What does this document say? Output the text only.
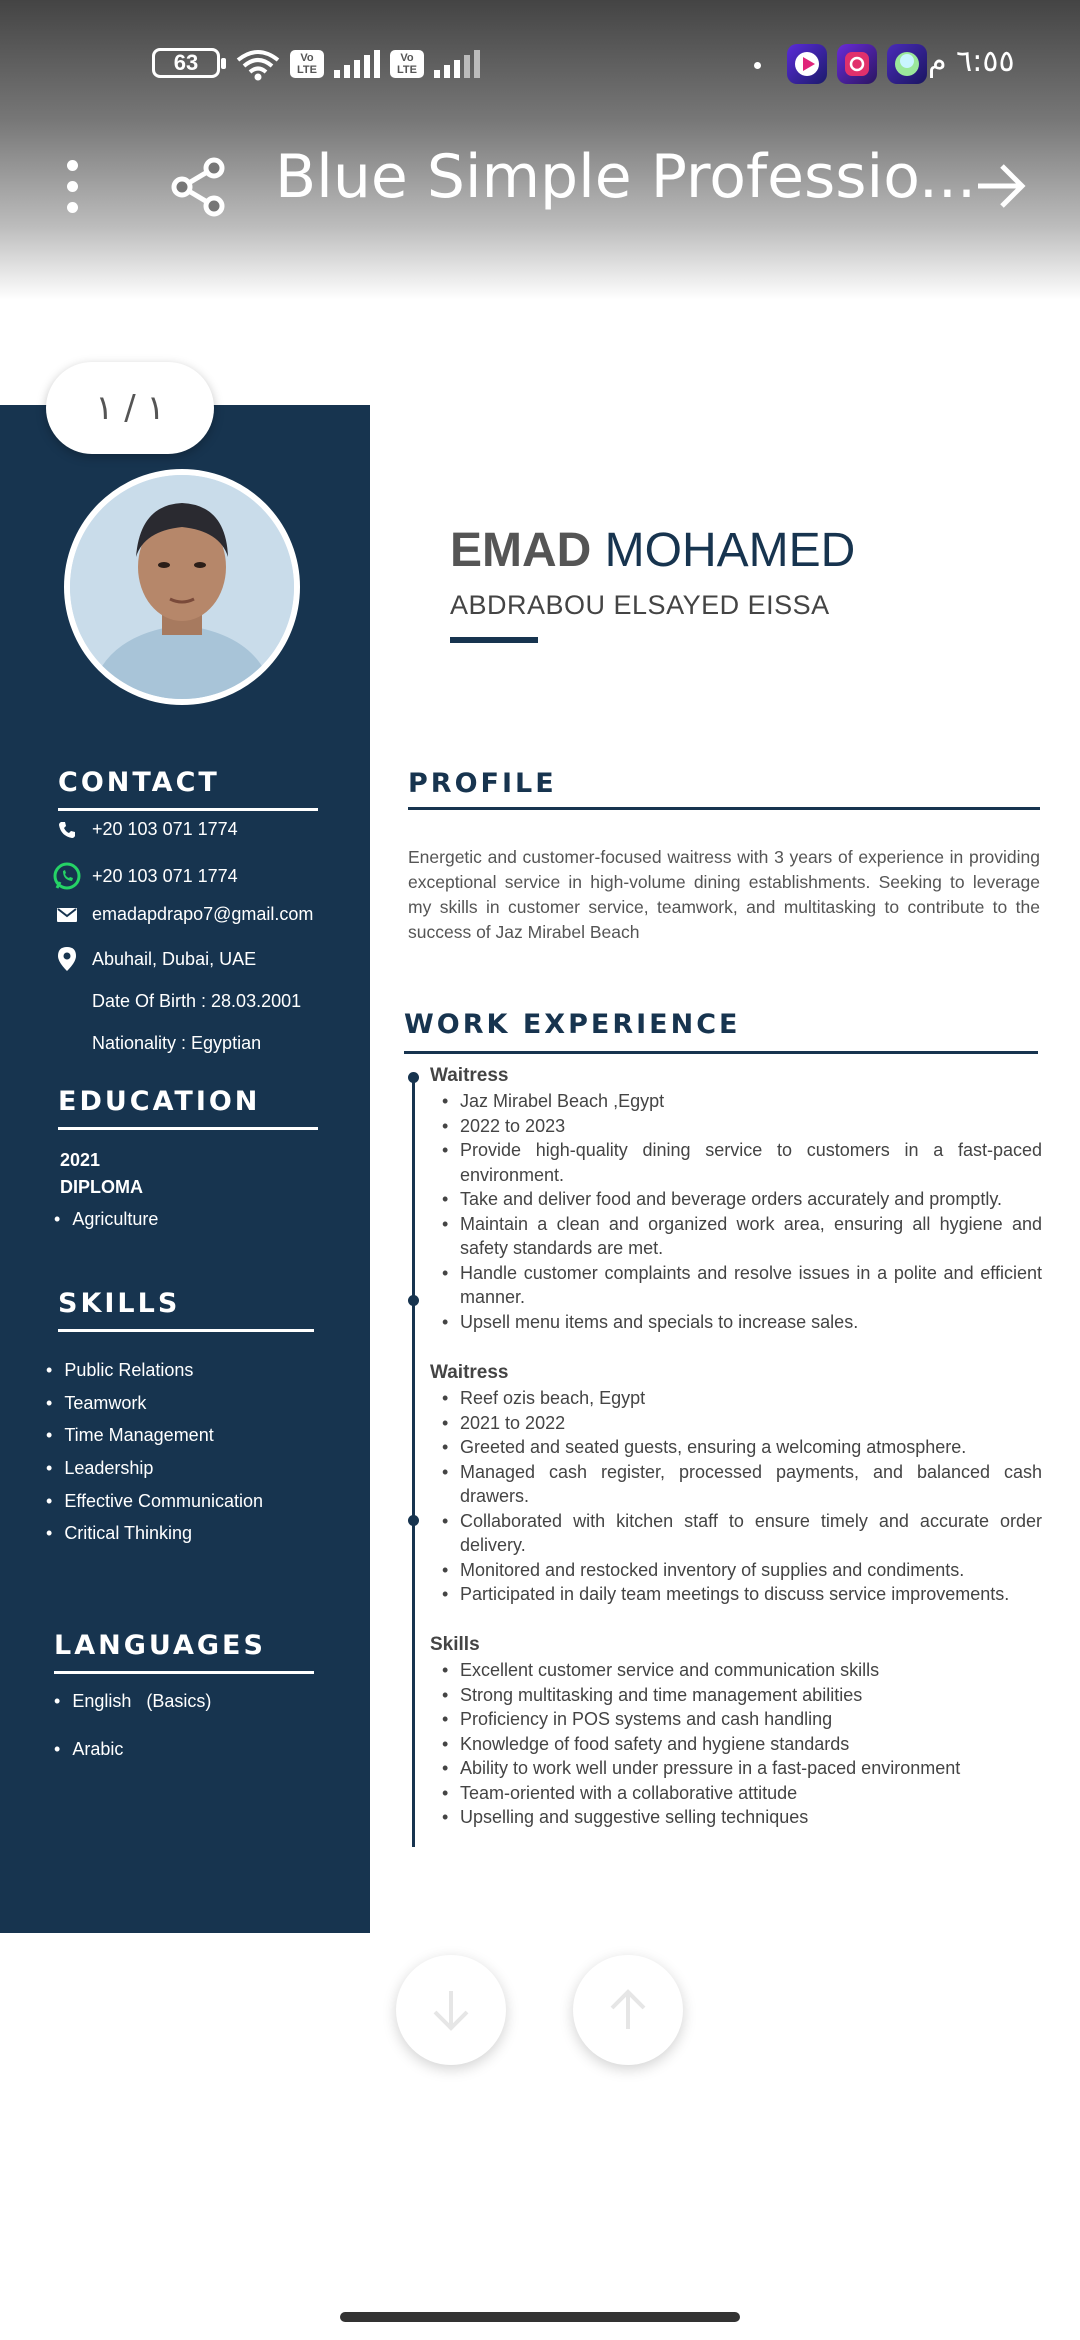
63	Vo
LTE
Vo
LTE	٦:٥٥ م
Blue Simple Professio...
CONTACT
+20 103 071 1774
+20 103 071 1774
emadapdrapo7@gmail.com
Abuhail, Dubai, UAE
Date Of Birth : 28.03.2001
Nationality : Egyptian
EDUCATION
2021
DIPLOMA
• Agriculture
SKILLS
• Public Relations
• Teamwork
• Time Management
• Leadership
• Effective Communication
• Critical Thinking
LANGUAGES
• English   (Basics)
• Arabic
EMAD MOHAMED
ABDRABOU ELSAYED EISSA
PROFILE
Energetic and customer-focused waitress with 3 years of experience in providing exceptional service in high-volume dining establishments. Seeking to leverage my skills in customer service, teamwork, and multitasking to contribute to the success of Jaz Mirabel Beach
WORK EXPERIENCE
Waitress
• Jaz Mirabel Beach ,Egypt
• 2022 to 2023
• Provide high-quality dining service to customers in a fast-paced environment.
• Take and deliver food and beverage orders accurately and promptly.
• Maintain a clean and organized work area, ensuring all hygiene and safety standards are met.
• Handle customer complaints and resolve issues in a polite and efficient manner.
• Upsell menu items and specials to increase sales.
Waitress
• Reef ozis beach, Egypt
• 2021 to 2022
• Greeted and seated guests, ensuring a welcoming atmosphere.
• Managed cash register, processed payments, and balanced cash drawers.
• Collaborated with kitchen staff to ensure timely and accurate order delivery.
• Monitored and restocked inventory of supplies and condiments.
• Participated in daily team meetings to discuss service improvements.
Skills
• Excellent customer service and communication skills
• Strong multitasking and time management abilities
• Proficiency in POS systems and cash handling
• Knowledge of food safety and hygiene standards
• Ability to work well under pressure in a fast-paced environment
• Team-oriented with a collaborative attitude
• Upselling and suggestive selling techniques
١ / ١
